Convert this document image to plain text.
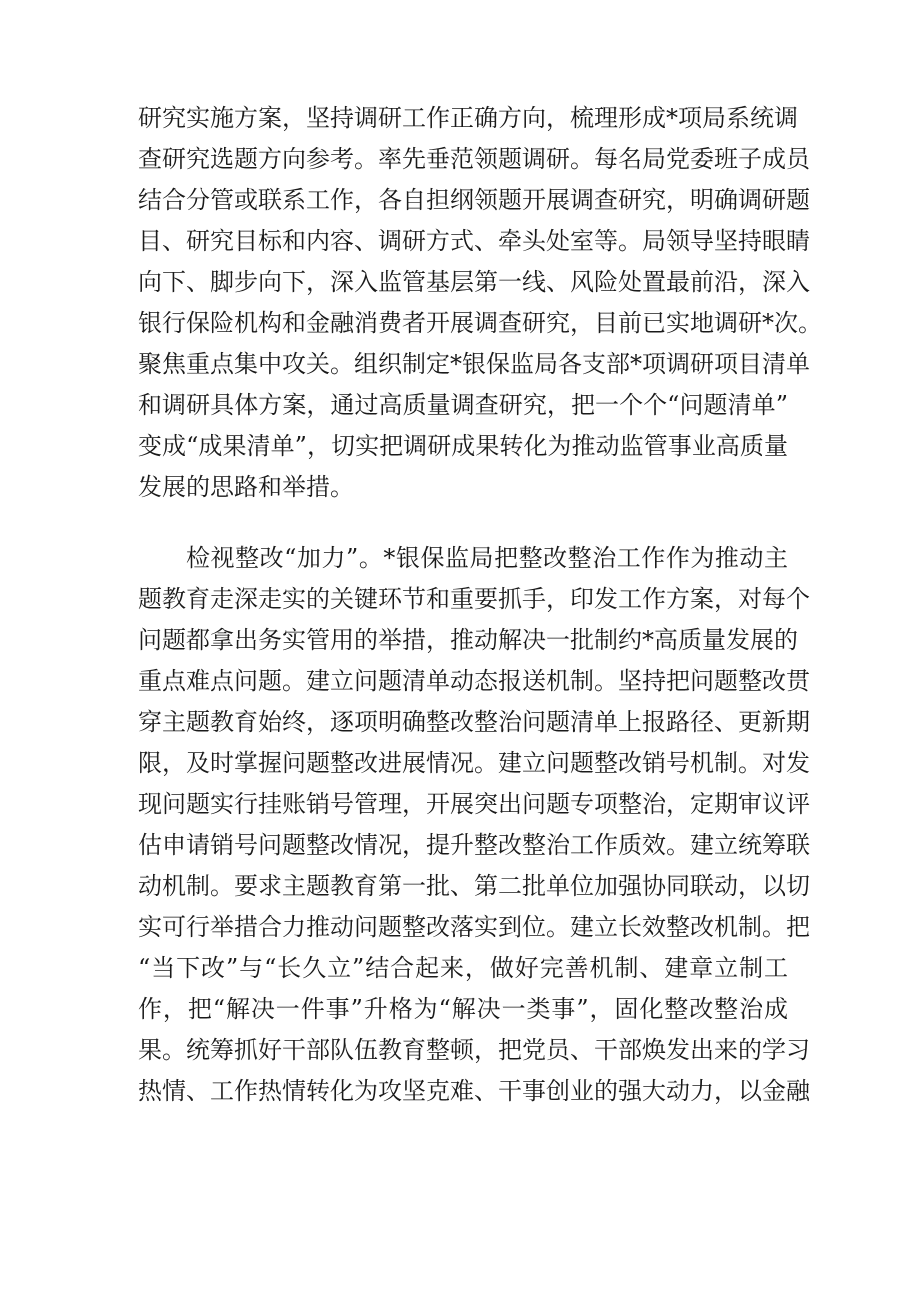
研究实施方案，坚持调研工作正确方向，梳理形成*项局系统调
查研究选题方向参考。率先垂范领题调研。每名局党委班子成员
结合分管或联系工作，各自担纲领题开展调查研究，明确调研题
目、研究目标和内容、调研方式、牵头处室等。局领导坚持眼睛
向下、脚步向下，深入监管基层第一线、风险处置最前沿，深入
银行保险机构和金融消费者开展调查研究，目前已实地调研*次。
聚焦重点集中攻关。组织制定*银保监局各支部*项调研项目清单
和调研具体方案，通过高质量调查研究，把一个个“问题清单”
变成“成果清单”，切实把调研成果转化为推动监管事业高质量
发展的思路和举措。

检视整改“加力”。*银保监局把整改整治工作作为推动主
题教育走深走实的关键环节和重要抓手，印发工作方案，对每个
问题都拿出务实管用的举措，推动解决一批制约*高质量发展的
重点难点问题。建立问题清单动态报送机制。坚持把问题整改贯
穿主题教育始终，逐项明确整改整治问题清单上报路径、更新期
限，及时掌握问题整改进展情况。建立问题整改销号机制。对发
现问题实行挂账销号管理，开展突出问题专项整治，定期审议评
估申请销号问题整改情况，提升整改整治工作质效。建立统筹联
动机制。要求主题教育第一批、第二批单位加强协同联动，以切
实可行举措合力推动问题整改落实到位。建立长效整改机制。把
“当下改”与“长久立”结合起来，做好完善机制、建章立制工
作，把“解决一件事”升格为“解决一类事”，固化整改整治成
果。统筹抓好干部队伍教育整顿，把党员、干部焕发出来的学习
热情、工作热情转化为攻坚克难、干事创业的强大动力，以金融
